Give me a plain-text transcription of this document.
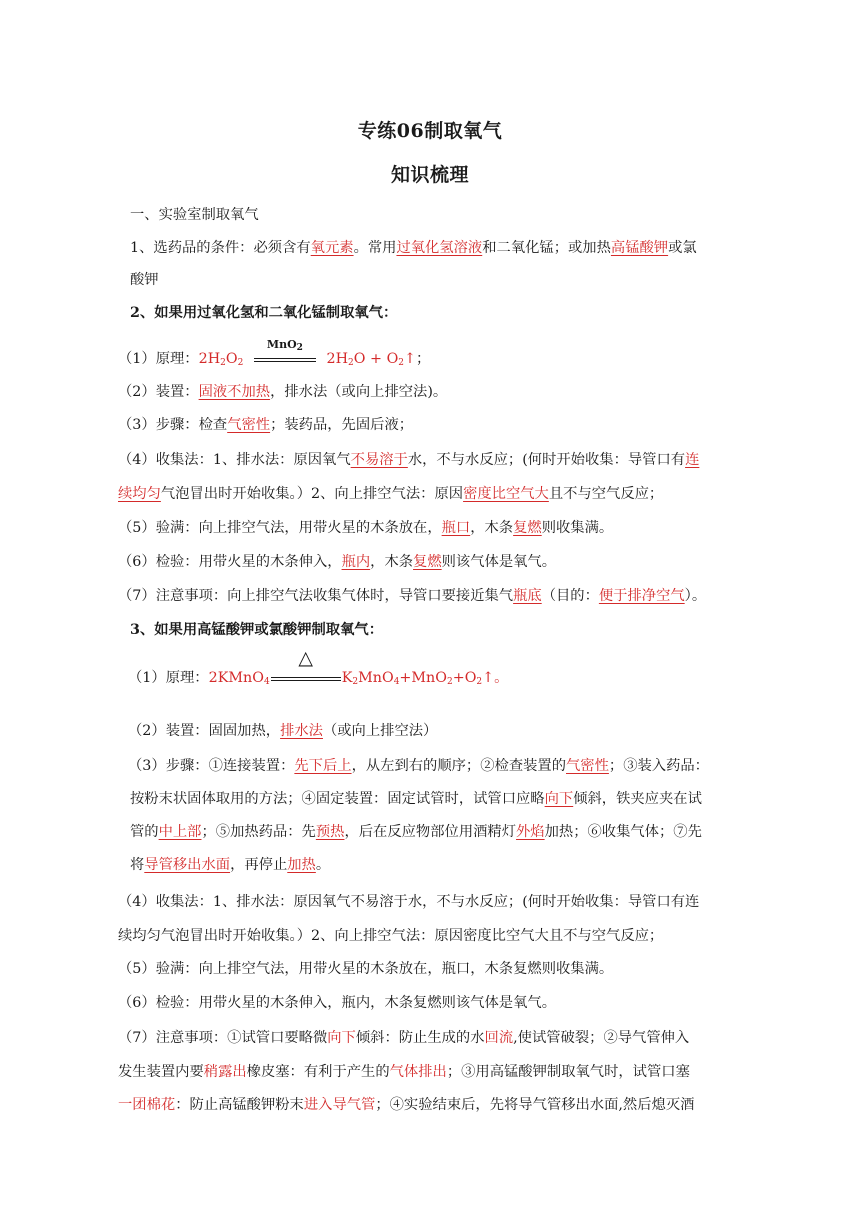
专练06制取氧气
知识梳理
一、实验室制取氧气
1、选药品的条件：必须含有氧元素。常用过氧化氢溶液和二氧化锰；或加热高锰酸钾或氯
酸钾
2、如果用过氧化氢和二氧化锰制取氧气：
（1）原理：$2H_2O_2$
MnO$_2$
$2H_2O$ + $O_2↑$；
（2）装置：固液不加热，排水法（或向上排空法)。
（3）步骤：检查气密性；装药品，先固后液；
（4）收集法：1、排水法：原因氧气不易溶于水，不与水反应；(何时开始收集：导管口有连
续均匀气泡冒出时开始收集。）2、向上排空气法：原因密度比空气大且不与空气反应；
（5）验满：向上排空气法，用带火星的木条放在，瓶口，木条复燃则收集满。
（6）检验：用带火星的木条伸入，瓶内，木条复燃则该气体是氧气。
（7）注意事项：向上排空气法收集气体时，导管口要接近集气瓶底（目的：便于排净空气）。
3、如果用高锰酸钾或氯酸钾制取氧气：
（1）原理：2KMnO$_4$
△
$K_2MnO_4+MnO_2+O_2↑$。
（2）装置：固固加热，排水法（或向上排空法）
（3）步骤：①连接装置：先下后上，从左到右的顺序；②检查装置的气密性；③装入药品：
按粉末状固体取用的方法；④固定装置：固定试管时，试管口应略向下倾斜，铁夹应夹在试
管的中上部；⑤加热药品：先预热，后在反应物部位用酒精灯外焰加热；⑥收集气体；⑦先
将导管移出水面，再停止加热。
（4）收集法：1、排水法：原因氧气不易溶于水，不与水反应；(何时开始收集：导管口有连
续均匀气泡冒出时开始收集。）2、向上排空气法：原因密度比空气大且不与空气反应；
（5）验满：向上排空气法，用带火星的木条放在，瓶口，木条复燃则收集满。
（6）检验：用带火星的木条伸入，瓶内，木条复燃则该气体是氧气。
（7）注意事项：①试管口要略微向下倾斜：防止生成的水回流,使试管破裂；②导气管伸入
发生装置内要稍露出橡皮塞：有利于产生的气体排出；③用高锰酸钾制取氧气时，试管口塞
一团棉花：防止高锰酸钾粉末进入导气管；④实验结束后，先将导气管移出水面,然后熄灭酒
